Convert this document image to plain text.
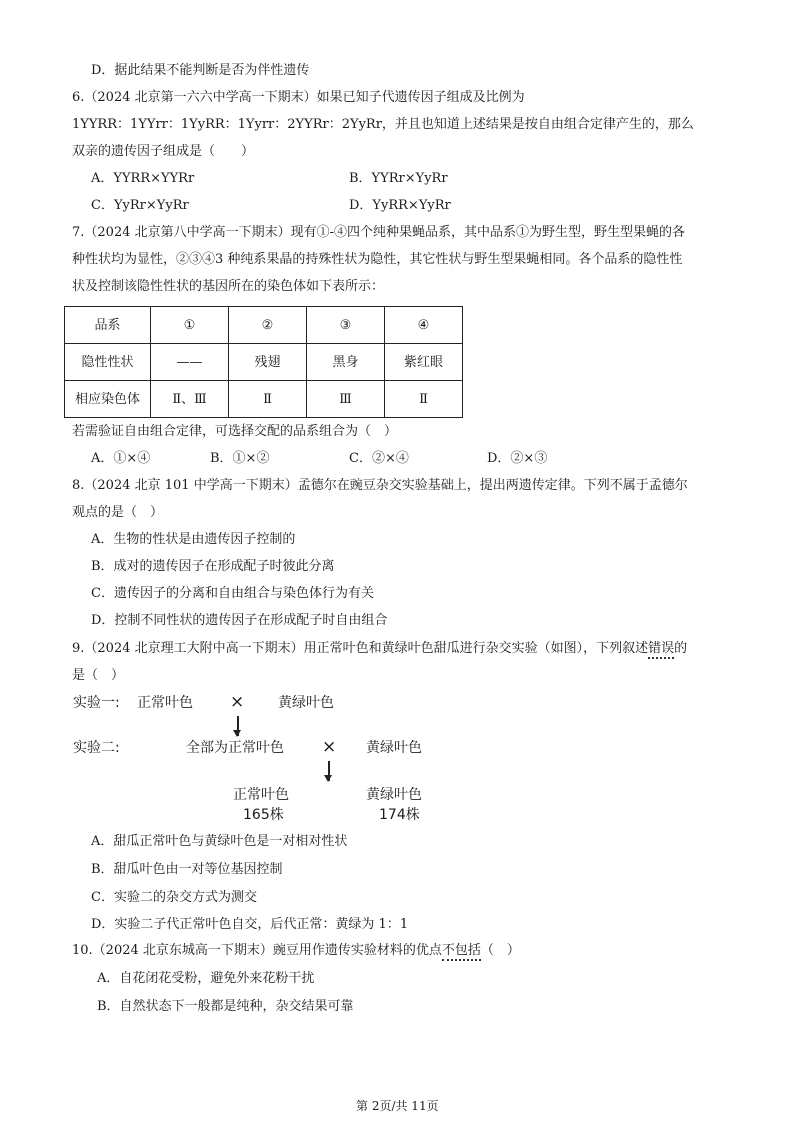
D．据此结果不能判断是否为伴性遗传
6.（2024 北京第一六六中学高一下期末）如果已知子代遗传因子组成及比例为
1YYRR：1YYrr：1YyRR：1Yyrr：2YYRr：2YyRr，并且也知道上述结果是按自由组合定律产生的，那么
双亲的遗传因子组成是（　　）
A．YYRR×YYRr	B．YYRr×YyRr
C．YyRr×YyRr	D．YyRR×YyRr
7.（2024 北京第八中学高一下期末）现有①-④四个纯种果蝇品系，其中品系①为野生型，野生型果蝇的各
种性状均为显性，②③④3 种纯系果晶的持殊性状为隐性，其它性状与野生型果蝇相同。各个品系的隐性性
状及控制该隐性性状的基因所在的染色体如下表所示：
品系	①	②	③	④
隐性性状	——	残翅	黑身	紫红眼
相应染色体	Ⅱ、Ⅲ	Ⅱ	Ⅲ	Ⅱ
若需验证自由组合定律，可选择交配的品系组合为（　）
A．①×④	B．①×②	C．②×④	D．②×③
8.（2024 北京 101 中学高一下期末）孟德尔在豌豆杂交实验基础上，提出两遗传定律。下列不属于孟德尔
观点的是（　）
A．生物的性状是由遗传因子控制的
B．成对的遗传因子在形成配子时彼此分离
C．遗传因子的分离和自由组合与染色体行为有关
D．控制不同性状的遗传因子在形成配子时自由组合
9.（2024 北京理工大附中高一下期末）用正常叶色和黄绿叶色甜瓜进行杂交实验（如图），下列叙述错误的
是（　）
实验一: 正常叶色 × 黄绿叶色
实验二:	全部为正常叶色 × 黄绿叶色
正常叶色
165株
黄绿叶色
174株
A．甜瓜正常叶色与黄绿叶色是一对相对性状
B．甜瓜叶色由一对等位基因控制
C．实验二的杂交方式为测交
D．实验二子代正常叶色自交，后代正常：黄绿为 1：1
10.（2024 北京东城高一下期末）豌豆用作遗传实验材料的优点不包括（　）
A．自花闭花受粉，避免外来花粉干扰
B．自然状态下一般都是纯种，杂交结果可靠
第 2页/共 11页
